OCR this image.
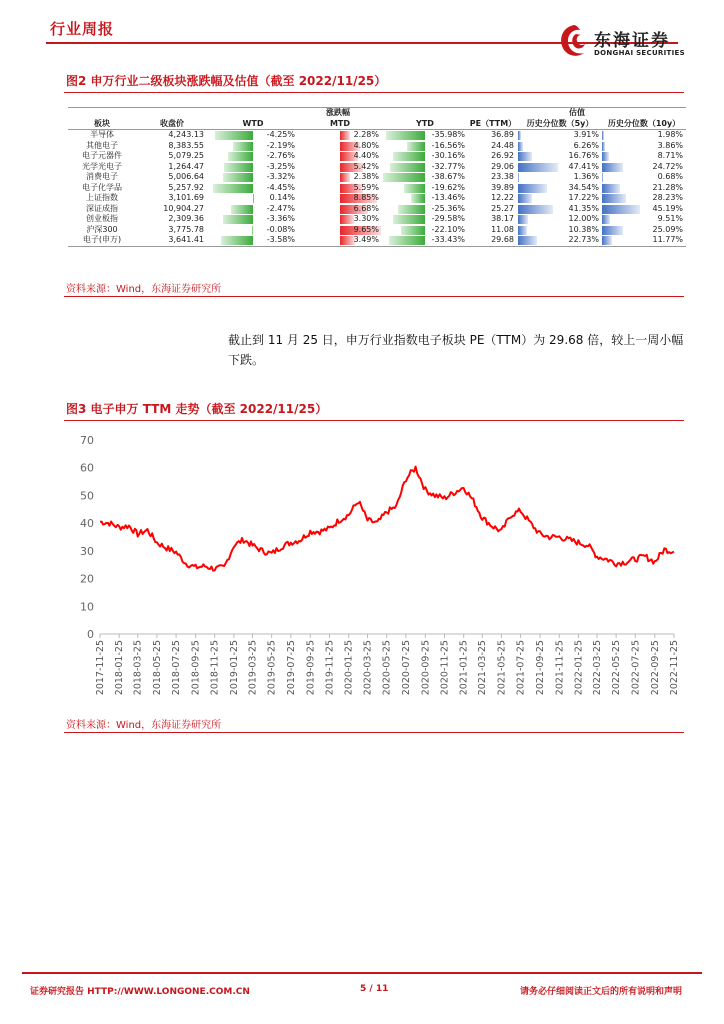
行业周报
东海证券
DONGHAI SECURITIES
图2 申万行业二级板块涨跌幅及估值（截至 2022/11/25）
		涨跌幅			估值		
板块	收盘价	WTD	MTD	YTD	PE（TTM）	历史分位数（5y）	历史分位数（10y）
半导体	4,243.13	-4.25%	2.28%	-35.98%	36.89	3.91%	1.98%
其他电子	8,383.55	-2.19%	4.80%	-16.56%	24.48	6.26%	3.86%
电子元器件	5,079.25	-2.76%	4.40%	-30.16%	26.92	16.76%	8.71%
光学光电子	1,264.47	-3.25%	5.42%	-32.77%	29.06	47.41%	24.72%
消费电子	5,006.64	-3.32%	2.38%	-38.67%	23.38	1.36%	0.68%
电子化学品	5,257.92	-4.45%	5.59%	-19.62%	39.89	34.54%	21.28%
上证指数	3,101.69	0.14%	8.85%	-13.46%	12.22	17.22%	28.23%
深证成指	10,904.27	-2.47%	6.68%	-25.36%	25.27	41.35%	45.19%
创业板指	2,309.36	-3.36%	3.30%	-29.58%	38.17	12.00%	9.51%
沪深300	3,775.78	-0.08%	9.65%	-22.10%	11.08	10.38%	25.09%
电子(申万)	3,641.41	-3.58%	3.49%	-33.43%	29.68	22.73%	11.77%
资料来源：Wind，东海证券研究所
截止到 11 月 25 日，申万行业指数电子板块 PE（TTM）为 29.68 倍，较上一周小幅下跌。
图3 电子申万 TTM 走势（截至 2022/11/25）
0
10
20
30
40
50
60
70
2017-11-25 2018-01-25 2018-03-25 2018-05-25 2018-07-25 2018-09-25 2018-11-25 2019-01-25 2019-03-25 2019-05-25 2019-07-25 2019-09-25 2019-11-25 2020-01-25 2020-03-25 2020-05-25 2020-07-25 2020-09-25 2020-11-25 2021-01-25 2021-03-25 2021-05-25 2021-07-25 2021-09-25 2021-11-25 2022-01-25 2022-03-25 2022-05-25 2022-07-25 2022-09-25 2022-11-25
资料来源：Wind，东海证券研究所
证券研究报告 HTTP://WWW.LONGONE.COM.CN	5 / 11	请务必仔细阅读正文后的所有说明和声明
